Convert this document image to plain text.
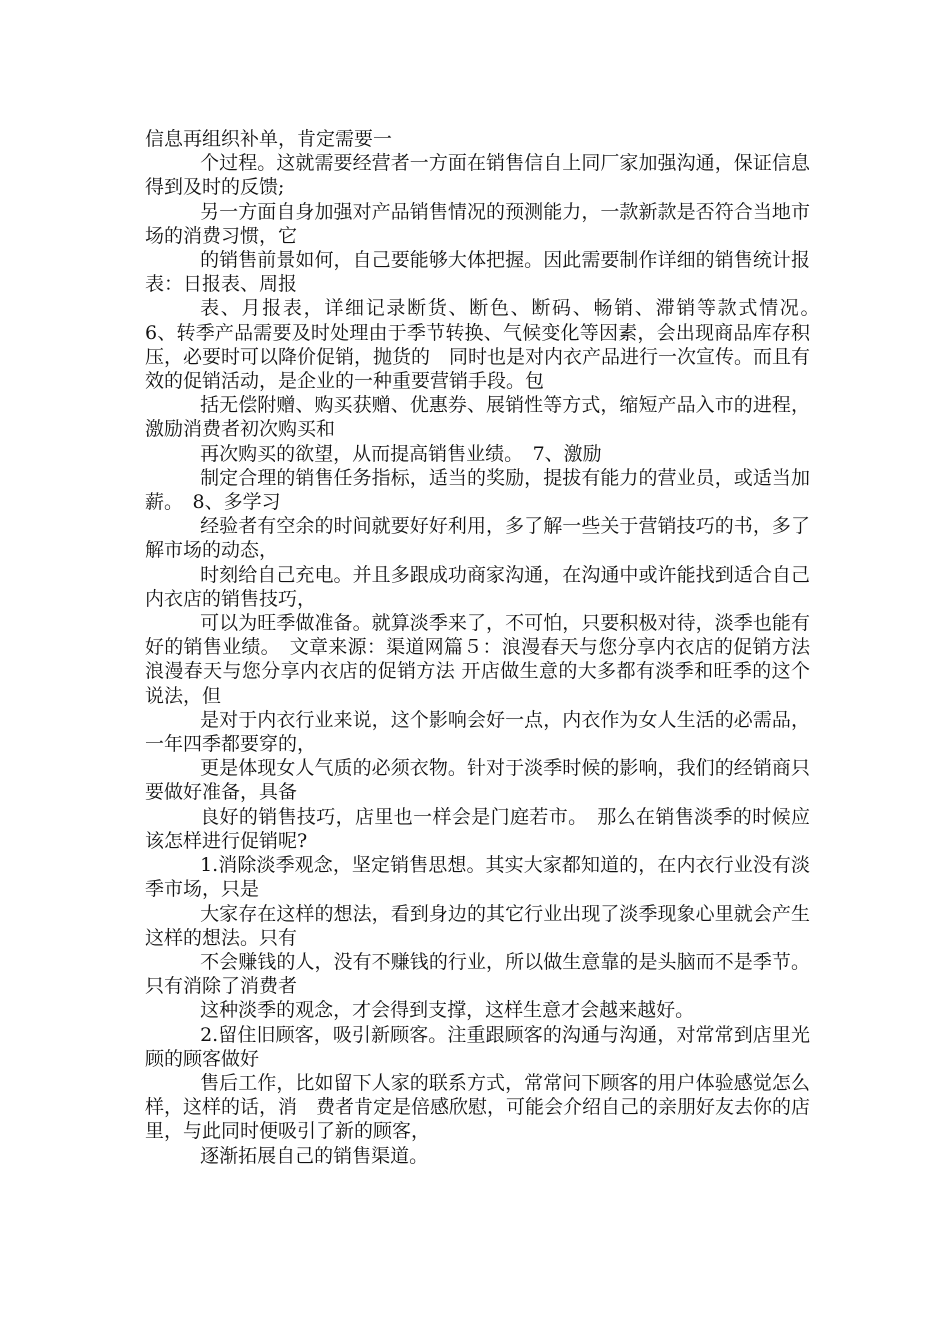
信息再组织补单，肯定需要一

个过程。这就需要经营者一方面在销售信自上同厂家加强沟通，保证信息得到及时的反馈;

另一方面自身加强对产品销售情况的预测能力，一款新款是否符合当地市场的消费习惯，它

的销售前景如何，自己要能够大体把握。因此需要制作详细的销售统计报表：日报表、周报

表、月报表，详细记录断货、断色、断码、畅销、滞销等款式情况。　6、转季产品需要及时处理由于季节转换、气候变化等因素，会出现商品库存积压，必要时可以降价促销，抛货的　同时也是对内衣产品进行一次宣传。而且有效的促销活动，是企业的一种重要营销手段。包

括无偿附赠、购买获赠、优惠券、展销性等方式，缩短产品入市的进程，激励消费者初次购买和

再次购买的欲望，从而提高销售业绩。　7、激励

制定合理的销售任务指标，适当的奖励，提拔有能力的营业员，或适当加薪。　8、多学习

经验者有空余的时间就要好好利用，多了解一些关于营销技巧的书，多了解市场的动态，

时刻给自己充电。并且多跟成功商家沟通，在沟通中或许能找到适合自己内衣店的销售技巧，

可以为旺季做准备。就算淡季来了，不可怕，只要积极对待，淡季也能有好的销售业绩。　文章来源：渠道网篇５：浪漫春天与您分享内衣店的促销方法 浪漫春天与您分享内衣店的促销方法 开店做生意的大多都有淡季和旺季的这个说法，但

是对于内衣行业来说，这个影响会好一点，内衣作为女人生活的必需品，一年四季都要穿的，

更是体现女人气质的必须衣物。针对于淡季时候的影响，我们的经销商只要做好准备，具备

良好的销售技巧，店里也一样会是门庭若市。　那么在销售淡季的时候应该怎样进行促销呢?

1.消除淡季观念，坚定销售思想。其实大家都知道的，在内衣行业没有淡季市场，只是

大家存在这样的想法，看到身边的其它行业出现了淡季现象心里就会产生这样的想法。只有

不会赚钱的人，没有不赚钱的行业，所以做生意靠的是头脑而不是季节。只有消除了消费者

这种淡季的观念，才会得到支撑，这样生意才会越来越好。

2.留住旧顾客，吸引新顾客。注重跟顾客的沟通与沟通，对常常到店里光顾的顾客做好

售后工作，比如留下人家的联系方式，常常问下顾客的用户体验感觉怎么样，这样的话，消　费者肯定是倍感欣慰，可能会介绍自己的亲朋好友去你的店里，与此同时便吸引了新的顾客，

逐渐拓展自己的销售渠道。
